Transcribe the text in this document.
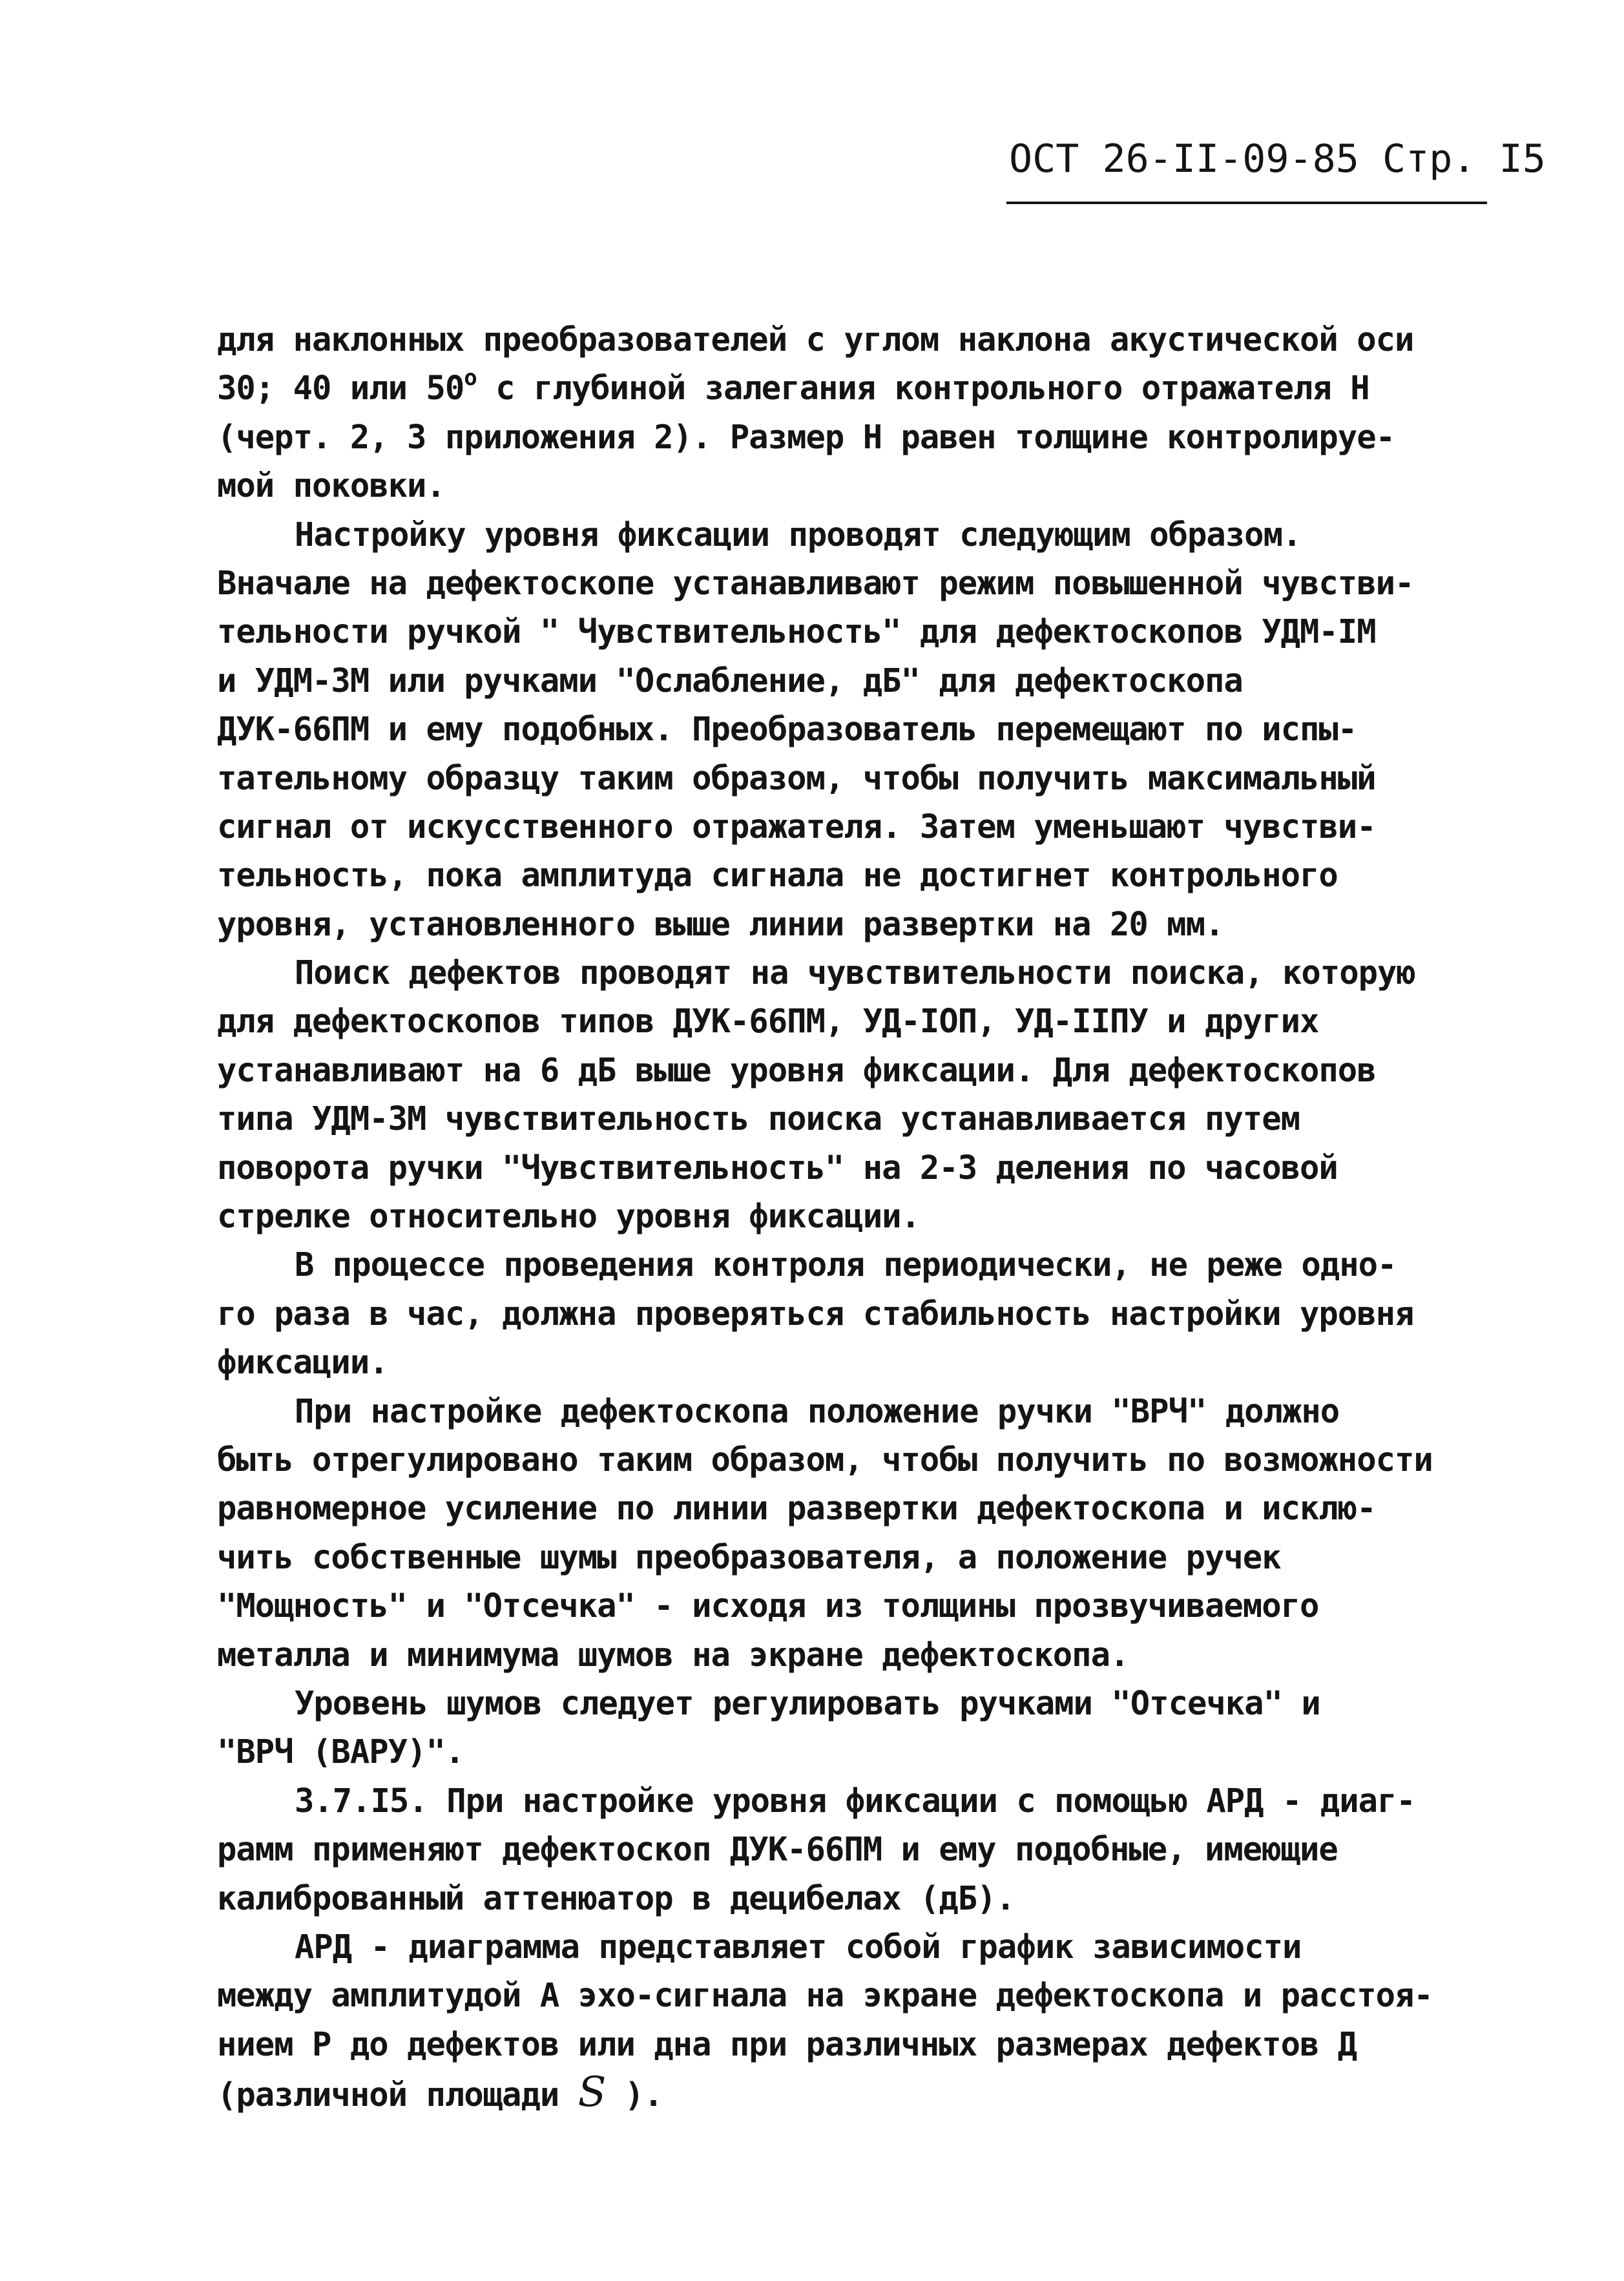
ОСТ 26-II-09-85 Стр. I5
для наклонных преобразователей с углом наклона акустической оси
30; 40 или $50^о$ с глубиной залегания контрольного отражателя Н
(черт. 2, 3 приложения 2). Размер Н равен толщине контролируе-
мой поковки.
Настройку уровня фиксации проводят следующим образом.
Вначале на дефектоскопе устанавливают режим повышенной чувстви-
тельности ручкой " Чувствительность" для дефектоскопов УДМ-IМ
и УДМ-3М или ручками "Ослабление, дБ" для дефектоскопа
ДУК-66ПМ и ему подобных. Преобразователь перемещают по испы-
тательному образцу таким образом, чтобы получить максимальный
сигнал от искусственного отражателя. Затем уменьшают чувстви-
тельность, пока амплитуда сигнала не достигнет контрольного
уровня, установленного выше линии развертки на 20 мм.
Поиск дефектов проводят на чувствительности поиска, которую
для дефектоскопов типов ДУК-66ПМ, УД-IОП, УД-IIПУ и других
устанавливают на 6 дБ выше уровня фиксации. Для дефектоскопов
типа УДМ-3М чувствительность поиска устанавливается путем
поворота ручки "Чувствительность" на 2-3 деления по часовой
стрелке относительно уровня фиксации.
В процессе проведения контроля периодически, не реже одно-
го раза в час, должна проверяться стабильность настройки уровня
фиксации.
При настройке дефектоскопа положение ручки "ВРЧ" должно
быть отрегулировано таким образом, чтобы получить по возможности
равномерное усиление по линии развертки дефектоскопа и исклю-
чить собственные шумы преобразователя, а положение ручек
"Мощность" и "Отсечка" - исходя из толщины прозвучиваемого
металла и минимума шумов на экране дефектоскопа.
Уровень шумов следует регулировать ручками "Отсечка" и
"ВРЧ (ВАРУ)".
3.7.I5. При настройке уровня фиксации с помощью АРД - диаг-
рамм применяют дефектоскоп ДУК-66ПМ и ему подобные, имеющие
калиброванный аттенюатор в децибелах (дБ).
АРД - диаграмма представляет собой график зависимости
между амплитудой А эхо-сигнала на экране дефектоскопа и расстоя-
нием Р до дефектов или дна при различных размерах дефектов Д
(различной площади S ).
